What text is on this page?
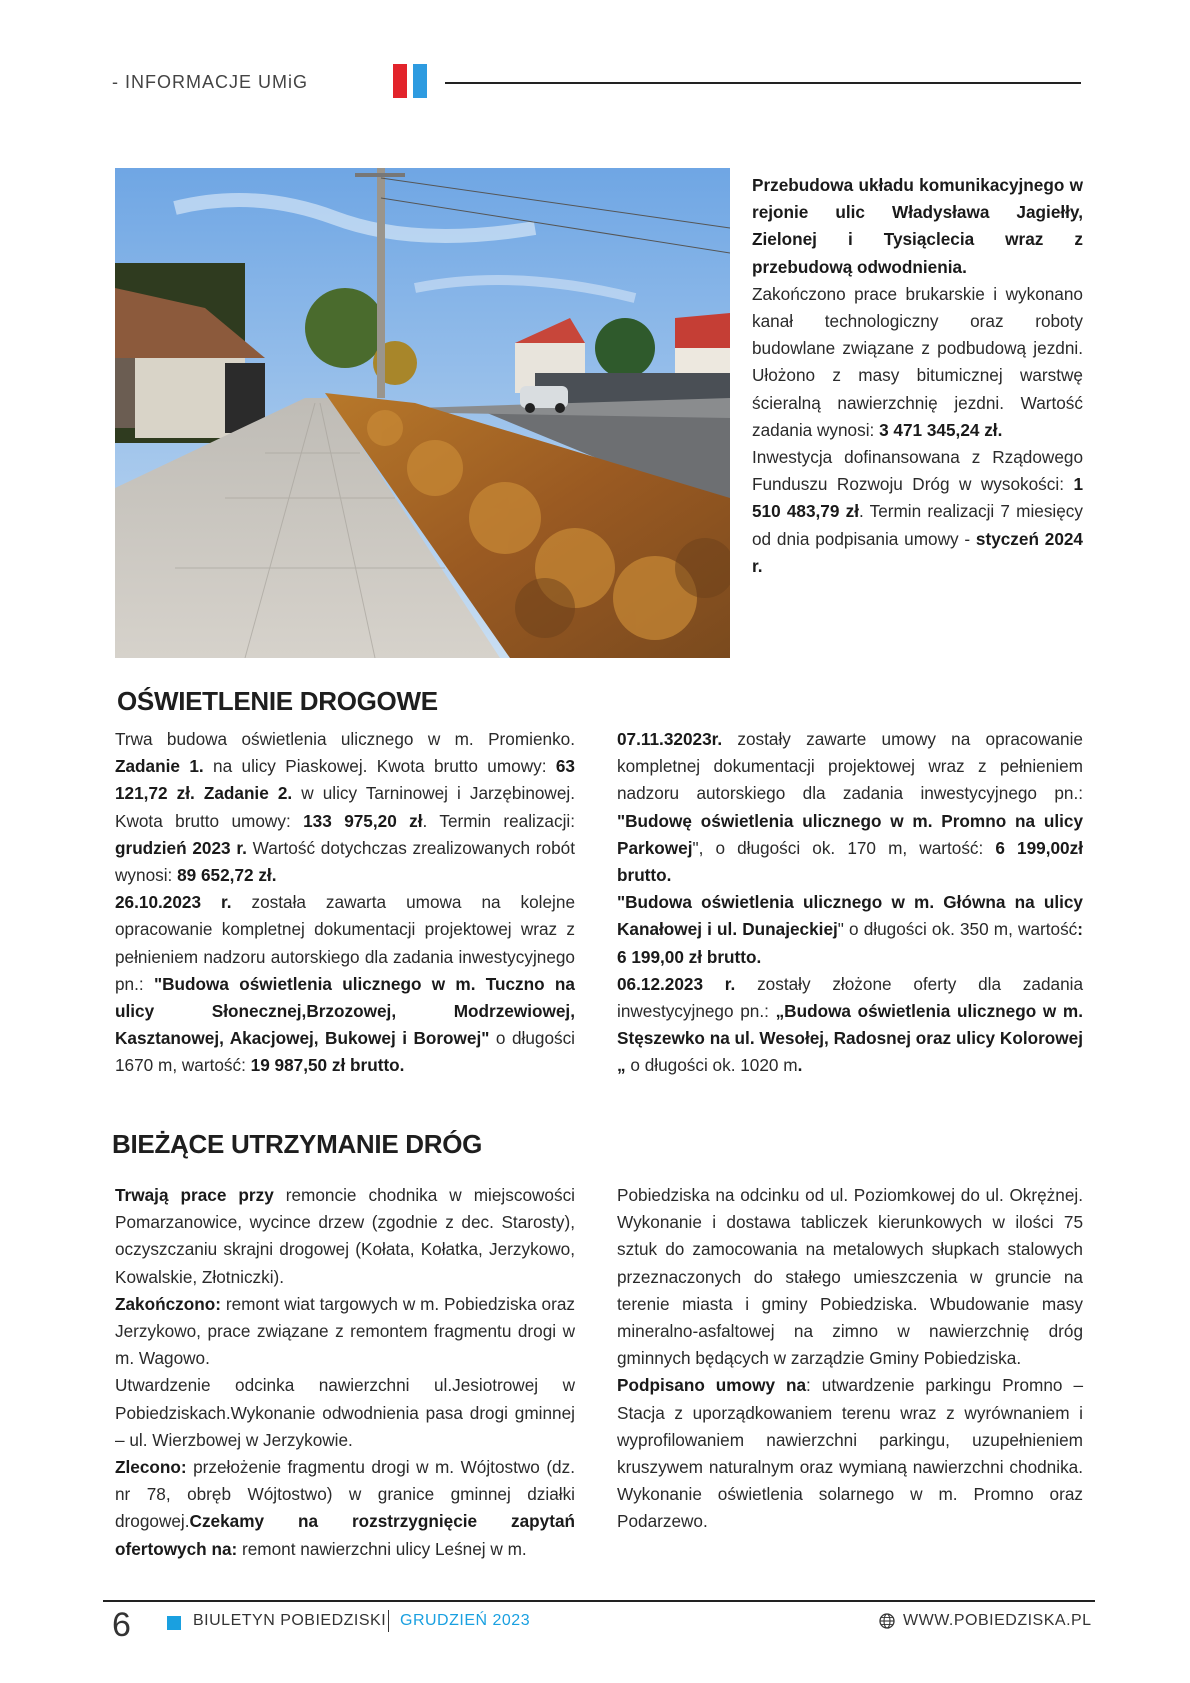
- INFORMACJE UMiG

Przebudowa układu komunikacyjnego w rejonie ulic Władysława Jagiełły, Zielonej i Tysiąclecia wraz z przebudową odwodnienia.

Zakończono prace brukarskie i wykonano kanał technologiczny oraz roboty budowlane związane z podbudową jezdni. Ułożono z masy bitumicznej warstwę ścieralną nawierzchnię jezdni. Wartość zadania wynosi: 3 471 345,24 zł.

Inwestycja dofinansowana z Rządowego Funduszu Rozwoju Dróg w wysokości: 1 510 483,79 zł. Termin realizacji 7 miesięcy od dnia podpisania umowy - styczeń 2024 r.

OŚWIETLENIE DROGOWE

Trwa budowa oświetlenia ulicznego w m. Promienko. Zadanie 1. na ulicy Piaskowej. Kwota brutto umowy: 63 121,72 zł. Zadanie 2. w ulicy Tarninowej i Jarzębinowej. Kwota brutto umowy: 133 975,20 zł. Termin realizacji: grudzień 2023 r. Wartość dotychczas zrealizowanych robót wynosi: 89 652,72 zł.

26.10.2023 r. została zawarta umowa na kolejne opracowanie kompletnej dokumentacji projektowej wraz z pełnieniem nadzoru autorskiego dla zadania inwestycyjnego pn.: "Budowa oświetlenia ulicznego w m. Tuczno na ulicy Słonecznej,Brzozowej, Modrzewiowej, Kasztanowej, Akacjowej, Bukowej i Borowej" o długości 1670 m, wartość: 19 987,50 zł brutto.

07.11.32023r. zostały zawarte umowy na opracowanie kompletnej dokumentacji projektowej wraz z pełnieniem nadzoru autorskiego dla zadania inwestycyjnego pn.: "Budowę oświetlenia ulicznego w m. Promno na ulicy Parkowej", o długości ok. 170 m, wartość: 6 199,00zł brutto.

"Budowa oświetlenia ulicznego w m. Główna na ulicy Kanałowej i ul. Dunajeckiej" o długości ok. 350 m, wartość: 6 199,00 zł brutto.

06.12.2023 r. zostały złożone oferty dla zadania inwestycyjnego pn.: „Budowa oświetlenia ulicznego w m. Stęszewko na ul. Wesołej, Radosnej oraz ulicy Kolorowej „ o długości ok. 1020 m.

BIEŻĄCE UTRZYMANIE DRÓG

Trwają prace przy remoncie chodnika w miejscowości Pomarzanowice, wycince drzew (zgodnie z dec. Starosty), oczyszczaniu skrajni drogowej (Kołata, Kołatka, Jerzykowo, Kowalskie, Złotniczki).

Zakończono: remont wiat targowych w m. Pobiedziska oraz Jerzykowo, prace związane z remontem fragmentu drogi w m. Wagowo.

Utwardzenie odcinka nawierzchni ul.Jesiotrowej w Pobiedziskach.Wykonanie odwodnienia pasa drogi gminnej – ul. Wierzbowej w Jerzykowie.

Zlecono: przełożenie fragmentu drogi w m. Wójtostwo (dz. nr 78, obręb Wójtostwo) w granice gminnej działki drogowej.Czekamy na rozstrzygnięcie zapytań ofertowych na: remont nawierzchni ulicy Leśnej w m.

Pobiedziska na odcinku od ul. Poziomkowej do ul. Okrężnej. Wykonanie i dostawa tabliczek kierunkowych w ilości 75 sztuk do zamocowania na metalowych słupkach stalowych przeznaczonych do stałego umieszczenia w gruncie na terenie miasta i gminy Pobiedziska. Wbudowanie masy mineralno-asfaltowej na zimno w nawierzchnię dróg gminnych będących w zarządzie Gminy Pobiedziska.

Podpisano umowy na: utwardzenie parkingu Promno – Stacja z uporządkowaniem terenu wraz z wyrównaniem i wyprofilowaniem nawierzchni parkingu, uzupełnieniem kruszywem naturalnym oraz wymianą nawierzchni chodnika. Wykonanie oświetlenia solarnego w m. Promno oraz Podarzewo.

6	BIULETYN POBIEDZISKI GRUDZIEŃ 2023	WWW.POBIEDZISKA.PL
